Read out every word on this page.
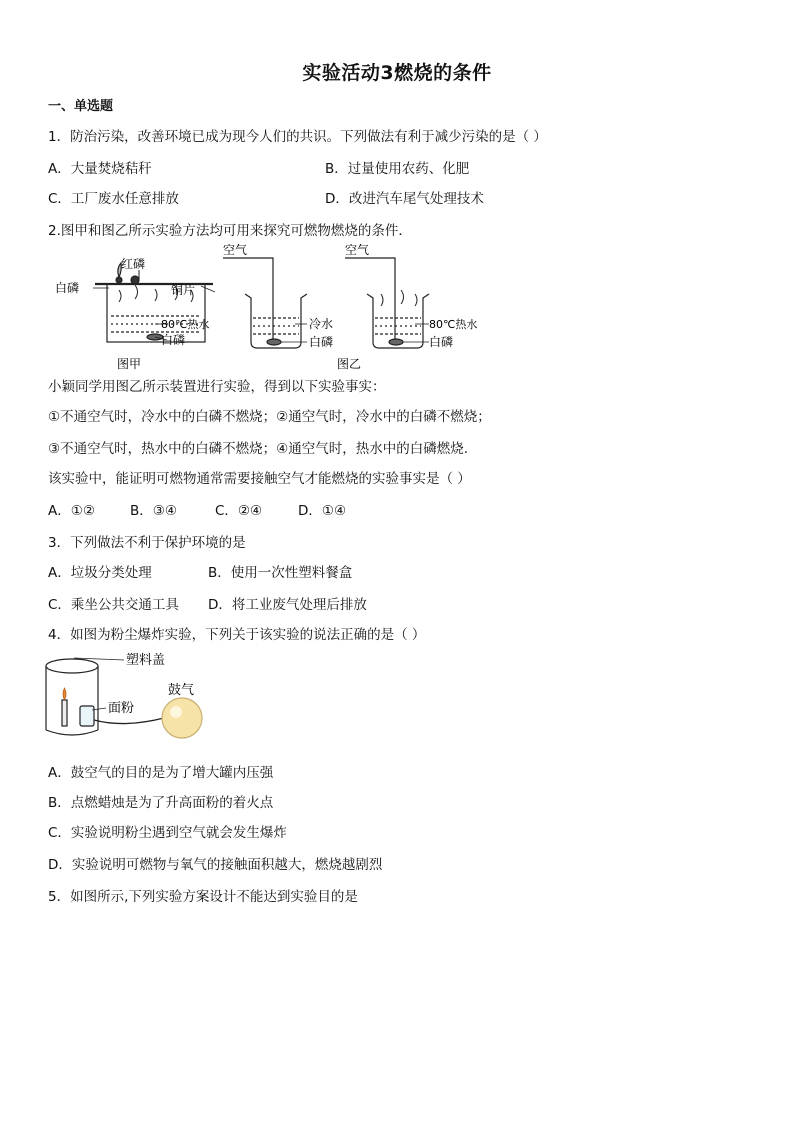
实验活动3燃烧的条件
一、单选题
1．防治污染，改善环境已成为现今人们的共识。下列做法有利于减少污染的是（ ）
A．大量焚烧秸秆	B．过量使用农药、化肥
C．工厂废水任意排放	D．改进汽车尾气处理技术
2.图甲和图乙所示实验方法均可用来探究可燃物燃烧的条件．
红磷
白磷	铜片
80℃热水
白磷
图甲
空气
冷水
白磷
空气
80℃热水
白磷
图乙
小颖同学用图乙所示装置进行实验，得到以下实验事实：
①不通空气时，冷水中的白磷不燃烧；②通空气时，冷水中的白磷不燃烧；
③不通空气时，热水中的白磷不燃烧；④通空气时，热水中的白磷燃烧.
该实验中，能证明可燃物通常需要接触空气才能燃烧的实验事实是（ ）
A．①②	B．③④	C．②④	D．①④
3．下列做法不利于保护环境的是
A．垃圾分类处理	B．使用一次性塑料餐盒
C．乘坐公共交通工具 D．将工业废气处理后排放
4．如图为粉尘爆炸实验，下列关于该实验的说法正确的是（ ）
塑料盖
鼓气
面粉
A．鼓空气的目的是为了增大罐内压强
B．点燃蜡烛是为了升高面粉的着火点
C．实验说明粉尘遇到空气就会发生爆炸
D．实验说明可燃物与氧气的接触面积越大，燃烧越剧烈
5．如图所示,下列实验方案设计不能达到实验目的是
